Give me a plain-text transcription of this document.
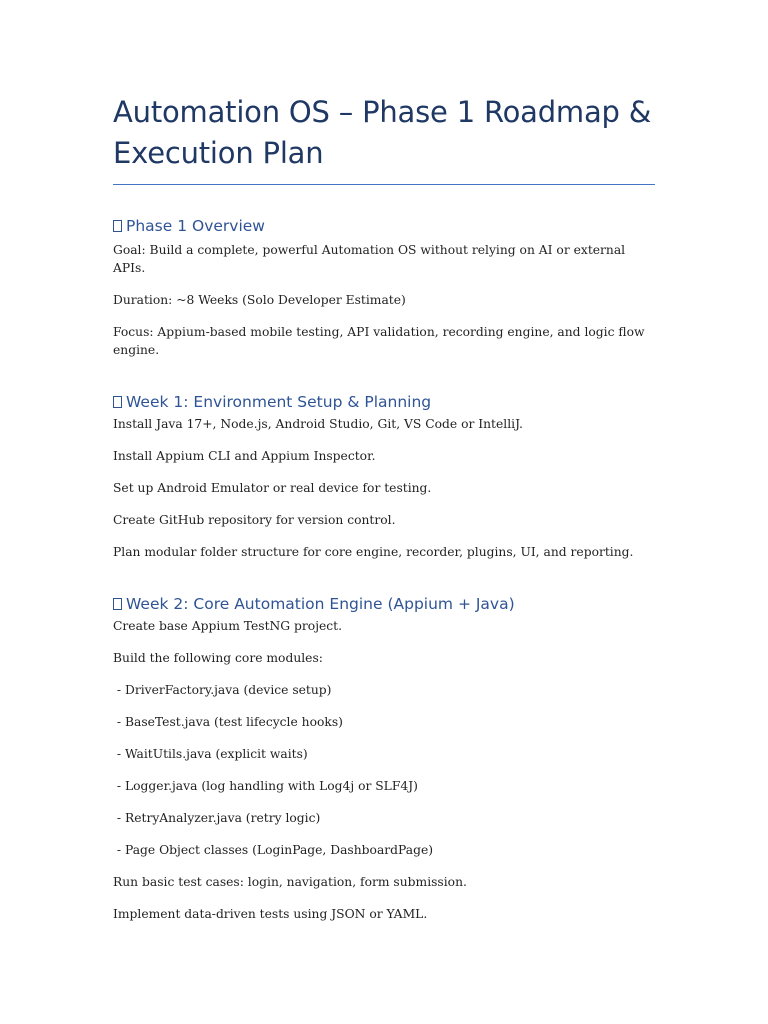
Automation OS – Phase 1 Roadmap & Execution Plan
Phase 1 Overview

Goal: Build a complete, powerful Automation OS without relying on AI or external APIs.

Duration: ~8 Weeks (Solo Developer Estimate)

Focus: Appium-based mobile testing, API validation, recording engine, and logic flow engine.

Week 1: Environment Setup & Planning

Install Java 17+, Node.js, Android Studio, Git, VS Code or IntelliJ.

Install Appium CLI and Appium Inspector.

Set up Android Emulator or real device for testing.

Create GitHub repository for version control.

Plan modular folder structure for core engine, recorder, plugins, UI, and reporting.

Week 2: Core Automation Engine (Appium + Java)

Create base Appium TestNG project.

Build the following core modules:

- DriverFactory.java (device setup)

- BaseTest.java (test lifecycle hooks)

- WaitUtils.java (explicit waits)

- Logger.java (log handling with Log4j or SLF4J)

- RetryAnalyzer.java (retry logic)

- Page Object classes (LoginPage, DashboardPage)

Run basic test cases: login, navigation, form submission.

Implement data-driven tests using JSON or YAML.
